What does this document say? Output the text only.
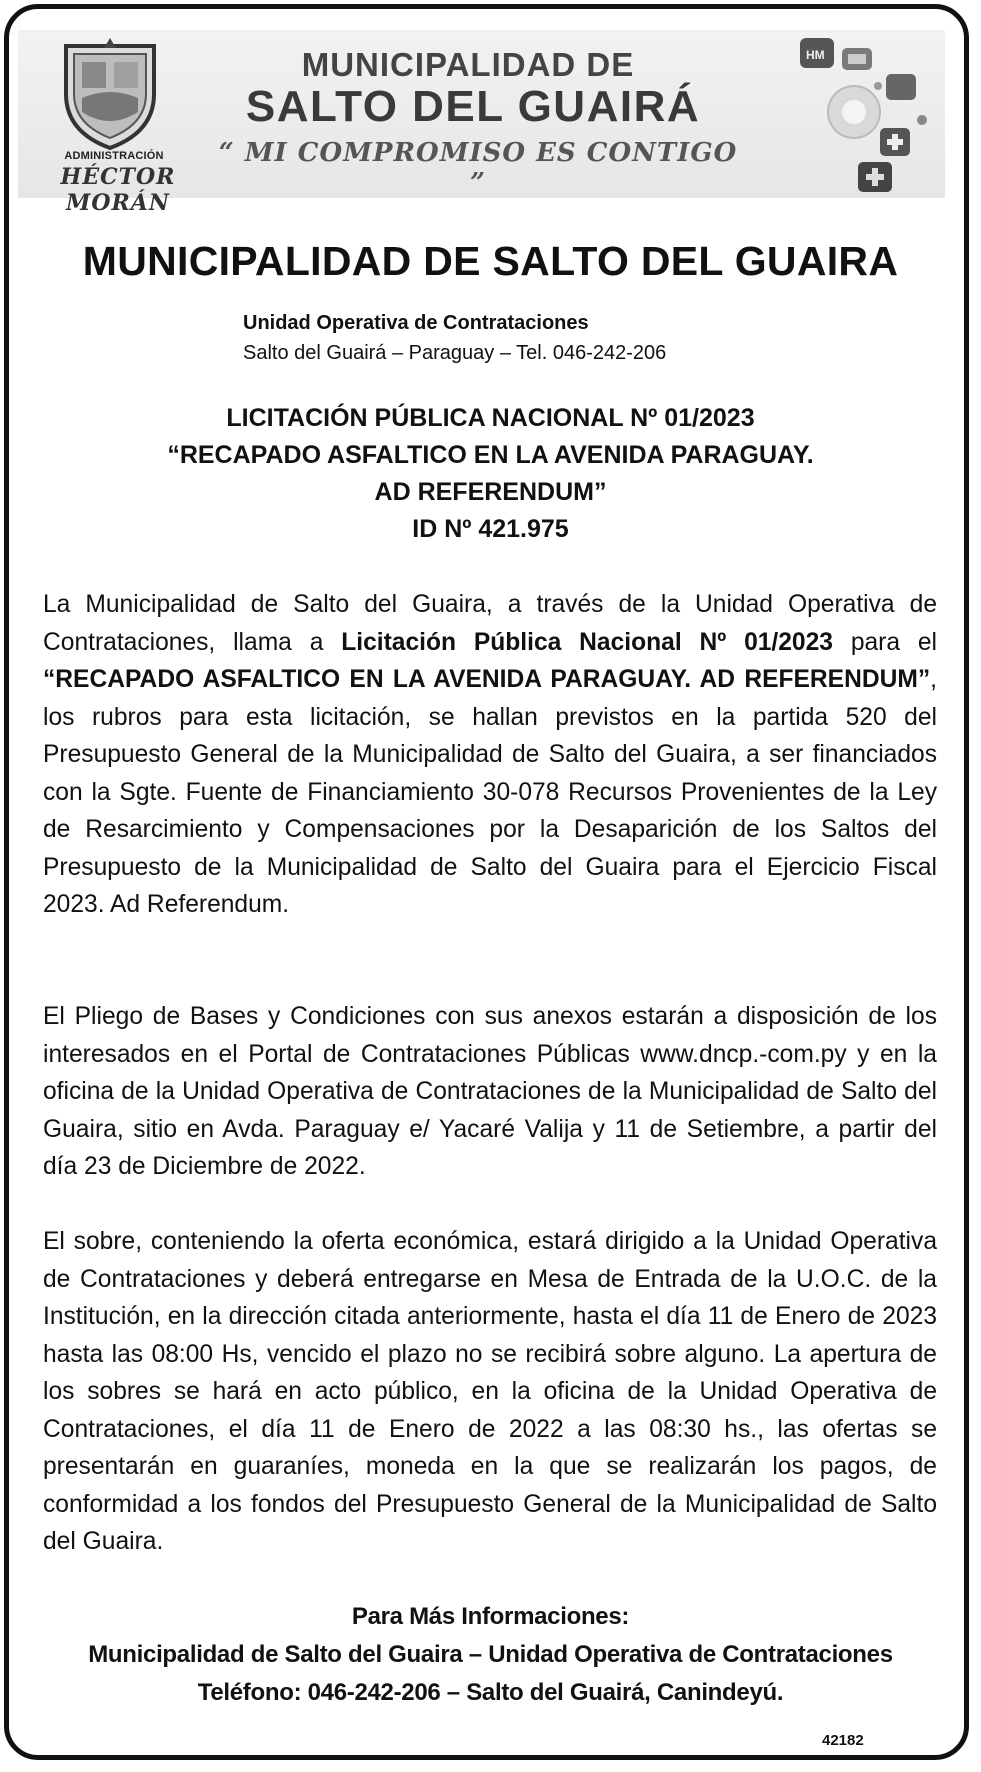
ADMINISTRACIÓN
HÉCTOR MORÁN
MUNICIPALIDAD DE
SALTO DEL GUAIRÁ
“ MI COMPROMISO ES CONTIGO ”
HM
MUNICIPALIDAD DE SALTO DEL GUAIRA
Unidad Operativa de Contrataciones
Salto del Guairá – Paraguay – Tel. 046-242-206
LICITACIÓN PÚBLICA NACIONAL Nº 01/2023
“RECAPADO ASFALTICO EN LA AVENIDA PARAGUAY.
AD REFERENDUM”
ID Nº 421.975

La Municipalidad de Salto del Guaira, a través de la Unidad Operativa de Contrataciones, llama a Licitación Pública Nacional Nº 01/2023 para el “RECAPADO ASFALTICO EN LA AVENIDA PARAGUAY. AD REFERENDUM”, los rubros para esta licitación, se hallan previstos en la partida 520 del Presupuesto General de la Municipalidad de Salto del Guaira, a ser financiados con la Sgte. Fuente de Financiamiento 30-078 Recursos Provenientes de la Ley de Resarcimiento y Compensaciones por la Desaparición de los Saltos del Presupuesto de la Municipalidad de Salto del Guaira para el Ejercicio Fiscal 2023. Ad Referendum.

El Pliego de Bases y Condiciones con sus anexos estarán a disposición de los interesados en el Portal de Contrataciones Públicas www.dncp.-com.py y en la oficina de la Unidad Operativa de Contrataciones de la Municipalidad de Salto del Guaira, sitio en Avda. Paraguay e/ Yacaré Valija y 11 de Setiembre, a partir del día 23 de Diciembre de 2022.

El sobre, conteniendo la oferta económica, estará dirigido a la Unidad Operativa de Contrataciones y deberá entregarse en Mesa de Entrada de la U.O.C. de la Institución, en la dirección citada anteriormente, hasta el día 11 de Enero de 2023 hasta las 08:00 Hs, vencido el plazo no se recibirá sobre alguno. La apertura de los sobres se hará en acto público, en la oficina de la Unidad Operativa de Contrataciones, el día 11 de Enero de 2022 a las 08:30 hs., las ofertas se presentarán en guaraníes, moneda en la que se realizarán los pagos, de conformidad a los fondos del Presupuesto General de la Municipalidad de Salto del Guaira.

Para Más Informaciones:
Municipalidad de Salto del Guaira – Unidad Operativa de Contrataciones
Teléfono: 046-242-206 – Salto del Guairá, Canindeyú.
42182
